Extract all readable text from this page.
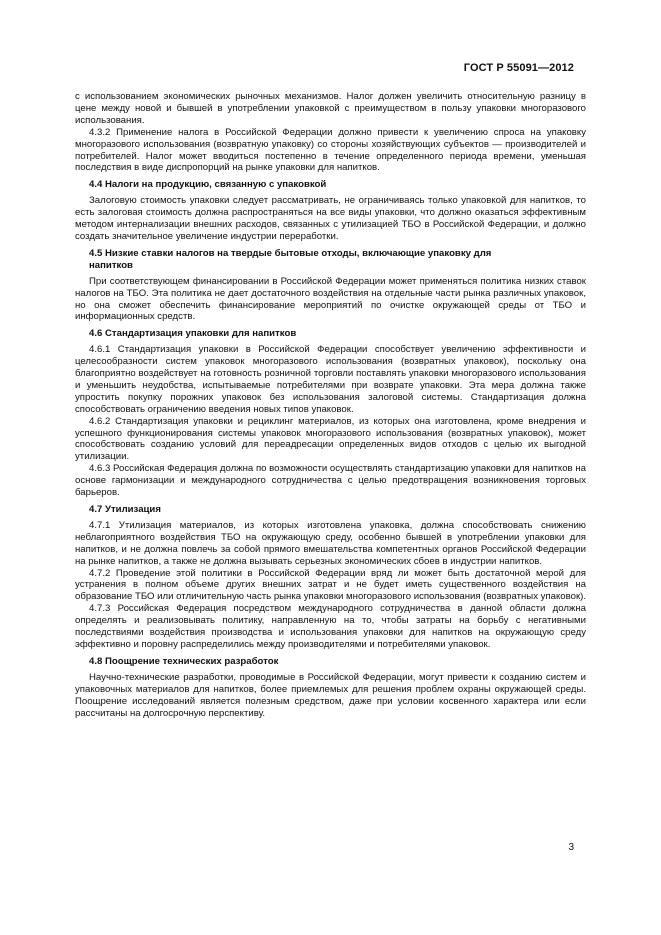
ГОСТ Р 55091—2012

с использованием экономических рыночных механизмов. Налог должен увеличить относительную разницу в цене между новой и бывшей в употреблении упаковкой с преимуществом в пользу упаковки многоразового использования.

4.3.2 Применение налога в Российской Федерации должно привести к увеличению спроса на упаковку многоразового использования (возвратную упаковку) со стороны хозяйствующих субъектов — производителей и потребителей. Налог может вводиться постепенно в течение определенного периода времени, уменьшая последствия в виде диспропорций на рынке упаковки для напитков.

4.4 Налоги на продукцию, связанную с упаковкой

Залоговую стоимость упаковки следует рассматривать, не ограничиваясь только упаковкой для напитков, то есть залоговая стоимость должна распространяться на все виды упаковки, что должно оказаться эффективным методом интернализации внешних расходов, связанных с утилизацией ТБО в Российской Федерации, и должно создать значительное увеличение индустрии переработки.

4.5 Низкие ставки налогов на твердые бытовые отходы, включающие упаковку для напитков

При соответствующем финансировании в Российской Федерации может применяться политика низких ставок налогов на ТБО. Эта политика не дает достаточного воздействия на отдельные части рынка различных упаковок, но она сможет обеспечить финансирование мероприятий по очистке окружающей среды от ТБО и информационных средств.

4.6 Стандартизация упаковки для напитков

4.6.1 Стандартизация упаковки в Российской Федерации способствует увеличению эффективности и целесообразности систем упаковок многоразового использования (возвратных упаковок), поскольку она благоприятно воздействует на готовность розничной торговли поставлять упаковки многоразового использования и уменьшить неудобства, испытываемые потребителями при возврате упаковки. Эта мера должна также упростить покупку порожних упаковок без использования залоговой системы. Стандартизация должна способствовать ограничению введения новых типов упаковок.

4.6.2 Стандартизация упаковки и рециклинг материалов, из которых она изготовлена, кроме внедрения и успешного функционирования системы упаковок многоразового использования (возвратных упаковок), может способствовать созданию условий для переадресации определенных видов отходов с целью их выгодной утилизации.

4.6.3 Российская Федерация должна по возможности осуществлять стандартизацию упаковки для напитков на основе гармонизации и международного сотрудничества с целью предотвращения возникновения торговых барьеров.

4.7 Утилизация

4.7.1 Утилизация материалов, из которых изготовлена упаковка, должна способствовать снижению неблагоприятного воздействия ТБО на окружающую среду, особенно бывшей в употреблении упаковки для напитков, и не должна повлечь за собой прямого вмешательства компетентных органов Российской Федерации на рынке напитков, а также не должна вызывать серьезных экономических сбоев в индустрии напитков.

4.7.2 Проведение этой политики в Российской Федерации вряд ли может быть достаточной мерой для устранения в полном объеме других внешних затрат и не будет иметь существенного воздействия на образование ТБО или отличительную часть рынка упаковки многоразового использования (возвратных упаковок).

4.7.3 Российская Федерация посредством международного сотрудничества в данной области должна определять и реализовывать политику, направленную на то, чтобы затраты на борьбу с негативными последствиями воздействия производства и использования упаковки для напитков на окружающую среду эффективно и поровну распределились между производителями и потребителями упаковок.

4.8 Поощрение технических разработок

Научно-технические разработки, проводимые в Российской Федерации, могут привести к созданию систем и упаковочных материалов для напитков, более приемлемых для решения проблем охраны окружающей среды. Поощрение исследований является полезным средством, даже при условии косвенного характера или если рассчитаны на долгосрочную перспективу.

3
